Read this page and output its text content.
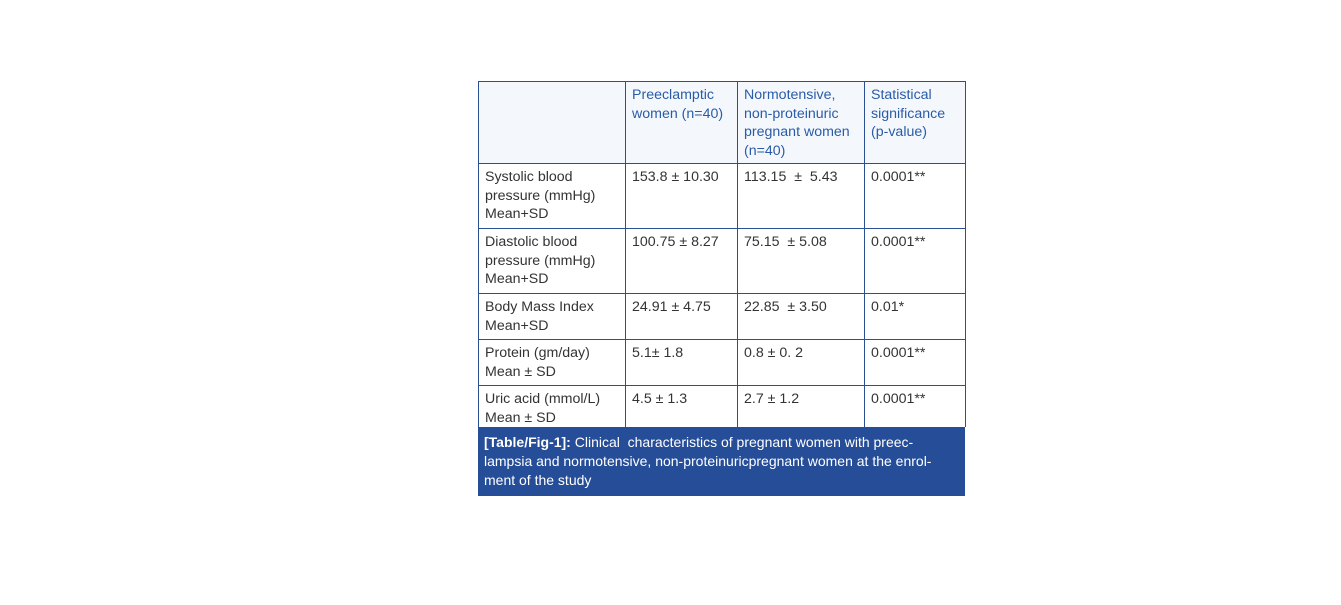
	Preeclamptic
women (n=40)	Normotensive,
non-proteinuric
pregnant women
(n=40)	Statistical
significance
(p-value)

Systolic blood
pressure (mmHg)
Mean+SD	153.8 ± 10.30	113.15  ±  5.43	0.0001**

Diastolic blood
pressure (mmHg)
Mean+SD	100.75 ± 8.27	75.15  ± 5.08	0.0001**

Body Mass Index
Mean+SD	24.91 ± 4.75	22.85  ± 3.50	0.01*

Protein (gm/day)
Mean ± SD	5.1± 1.8	0.8 ± 0. 2	0.0001**

Uric acid (mmol/L)
Mean ± SD	4.5 ± 1.3	2.7 ± 1.2	0.0001**
[Table/Fig-1]: Clinical  characteristics of pregnant women with preec-
lampsia and normotensive, non-proteinuricpregnant women at the enrol-
ment of the study
